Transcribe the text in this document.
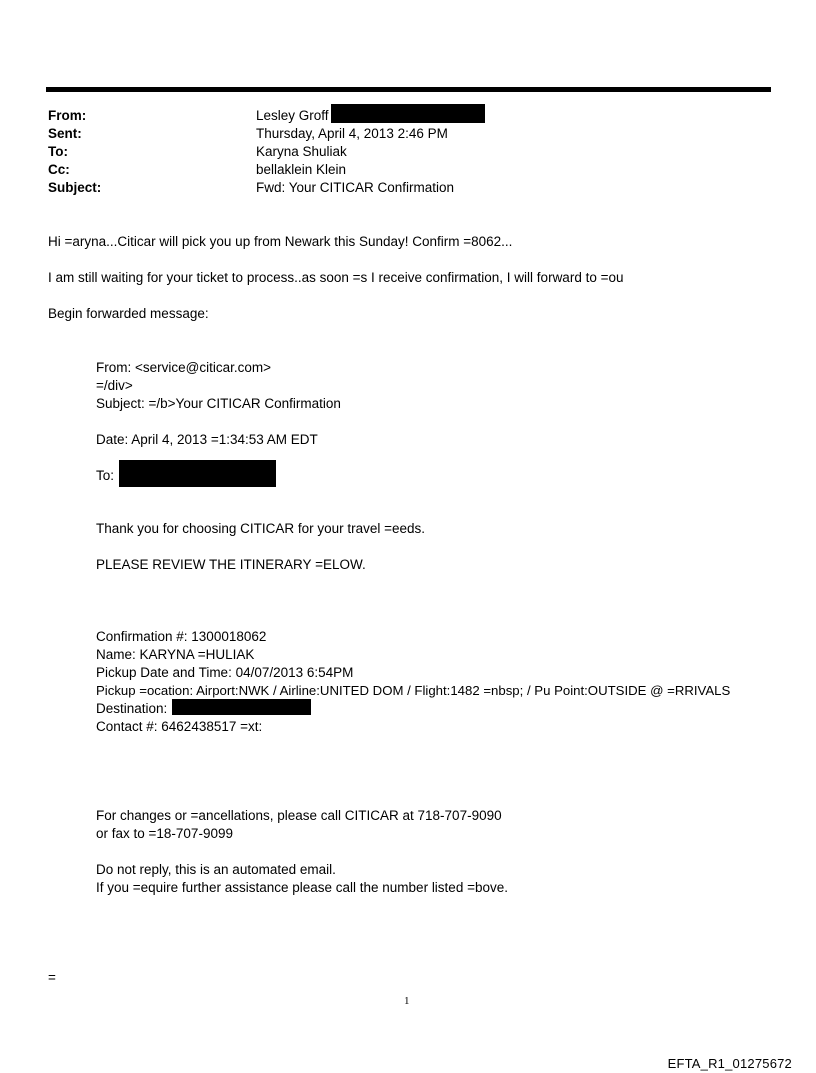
From:	Lesley Groff
Sent:	Thursday, April 4, 2013 2:46 PM
To:	Karyna Shuliak
Cc:	bellaklein Klein
Subject:	Fwd: Your CITICAR Confirmation
Hi =aryna...Citicar will pick you up from Newark this Sunday! Confirm =8062...
I am still waiting for your ticket to process..as soon =s I receive confirmation, I will forward to =ou
Begin forwarded message:
From: <service@citicar.com>
=/div>
Subject: =/b>Your CITICAR Confirmation
Date: April 4, 2013 =1:34:53 AM EDT
To:
Thank you for choosing CITICAR for your travel =eeds.
PLEASE REVIEW THE ITINERARY =ELOW.
Confirmation #: 1300018062
Name: KARYNA =HULIAK
Pickup Date and Time: 04/07/2013 6:54PM
Pickup =ocation: Airport:NWK / Airline:UNITED DOM / Flight:1482 =nbsp; / Pu Point:OUTSIDE @ =RRIVALS
Destination:
Contact #: 6462438517 =xt:
For changes or =ancellations, please call CITICAR at 718-707-9090
or fax to =18-707-9099
Do not reply, this is an automated email.
If you =equire further assistance please call the number listed =bove.
=
1
EFTA_R1_01275672
